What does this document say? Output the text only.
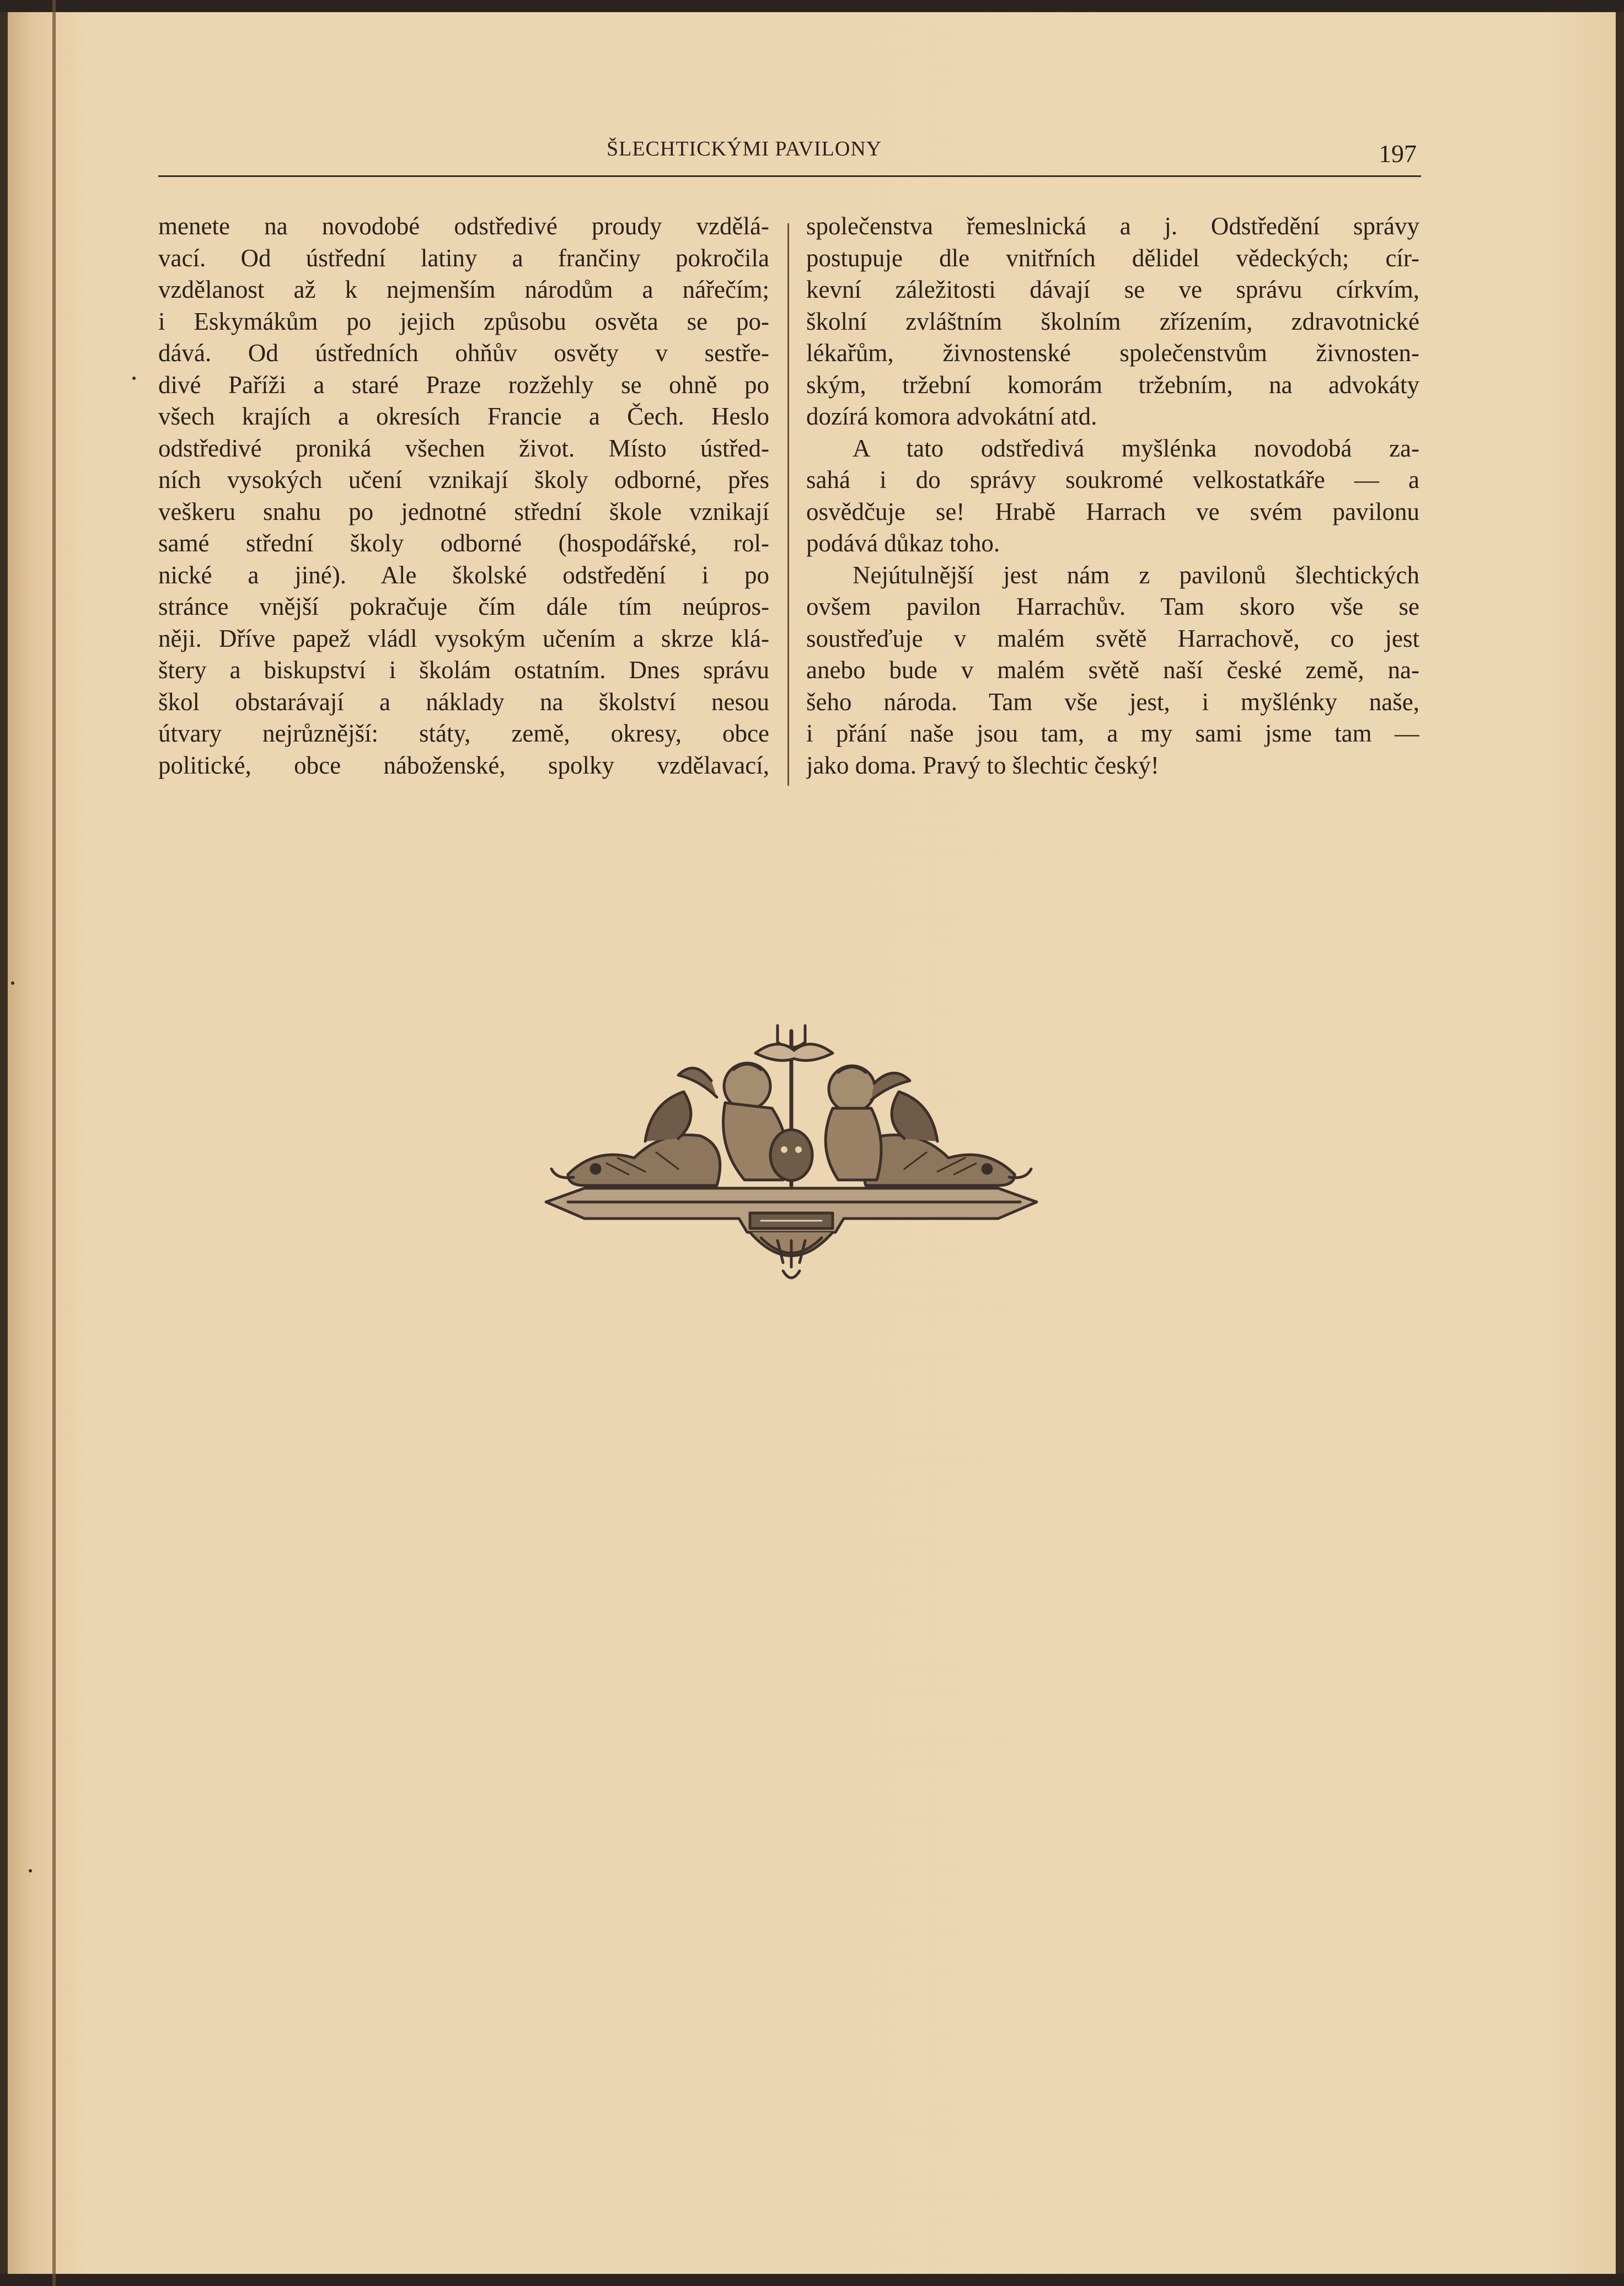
ŠLECHTICKÝMI PAVILONY	197

menete na novodobé odstředivé proudy vzdělá-
vací. Od ústřední latiny a frančiny pokročila
vzdělanost až k nejmenším národům a nářečím;
i Eskymákům po jejich způsobu osvěta se po-
dává. Od ústředních ohňův osvěty v sestře-
divé Paříži a staré Praze rozžehly se ohně po
všech krajích a okresích Francie a Čech. Heslo
odstředivé proniká všechen život. Místo ústřed-
ních vysokých učení vznikají školy odborné, přes
veškeru snahu po jednotné střední škole vznikají
samé střední školy odborné (hospodářské, rol-
nické a jiné). Ale školské odstředění i po
stránce vnější pokračuje čím dále tím neúpros-
něji. Dříve papež vládl vysokým učením a skrze klá-
štery a biskupství i školám ostatním. Dnes správu
škol obstarávají a náklady na školství nesou
útvary nejrůznější: státy, země, okresy, obce
politické, obce náboženské, spolky vzdělavací,

společenstva řemeslnická a j. Odstředění správy
postupuje dle vnitřních dělidel vědeckých; cír-
kevní záležitosti dávají se ve správu církvím,
školní zvláštním školním zřízením, zdravotnické
lékařům, živnostenské společenstvům živnosten-
ským, tržební komorám tržebním, na advokáty
dozírá komora advokátní atd.

A tato odstředivá myšlénka novodobá za-
sahá i do správy soukromé velkostatkáře — a
osvědčuje se! Hrabě Harrach ve svém pavilonu
podává důkaz toho.

Nejútulnější jest nám z pavilonů šlechtických
ovšem pavilon Harrachův. Tam skoro vše se
soustřeďuje v malém světě Harrachově, co jest
anebo bude v malém světě naší české země, na-
šeho národa. Tam vše jest, i myšlénky naše,
i přání naše jsou tam, a my sami jsme tam —
jako doma. Pravý to šlechtic český!
